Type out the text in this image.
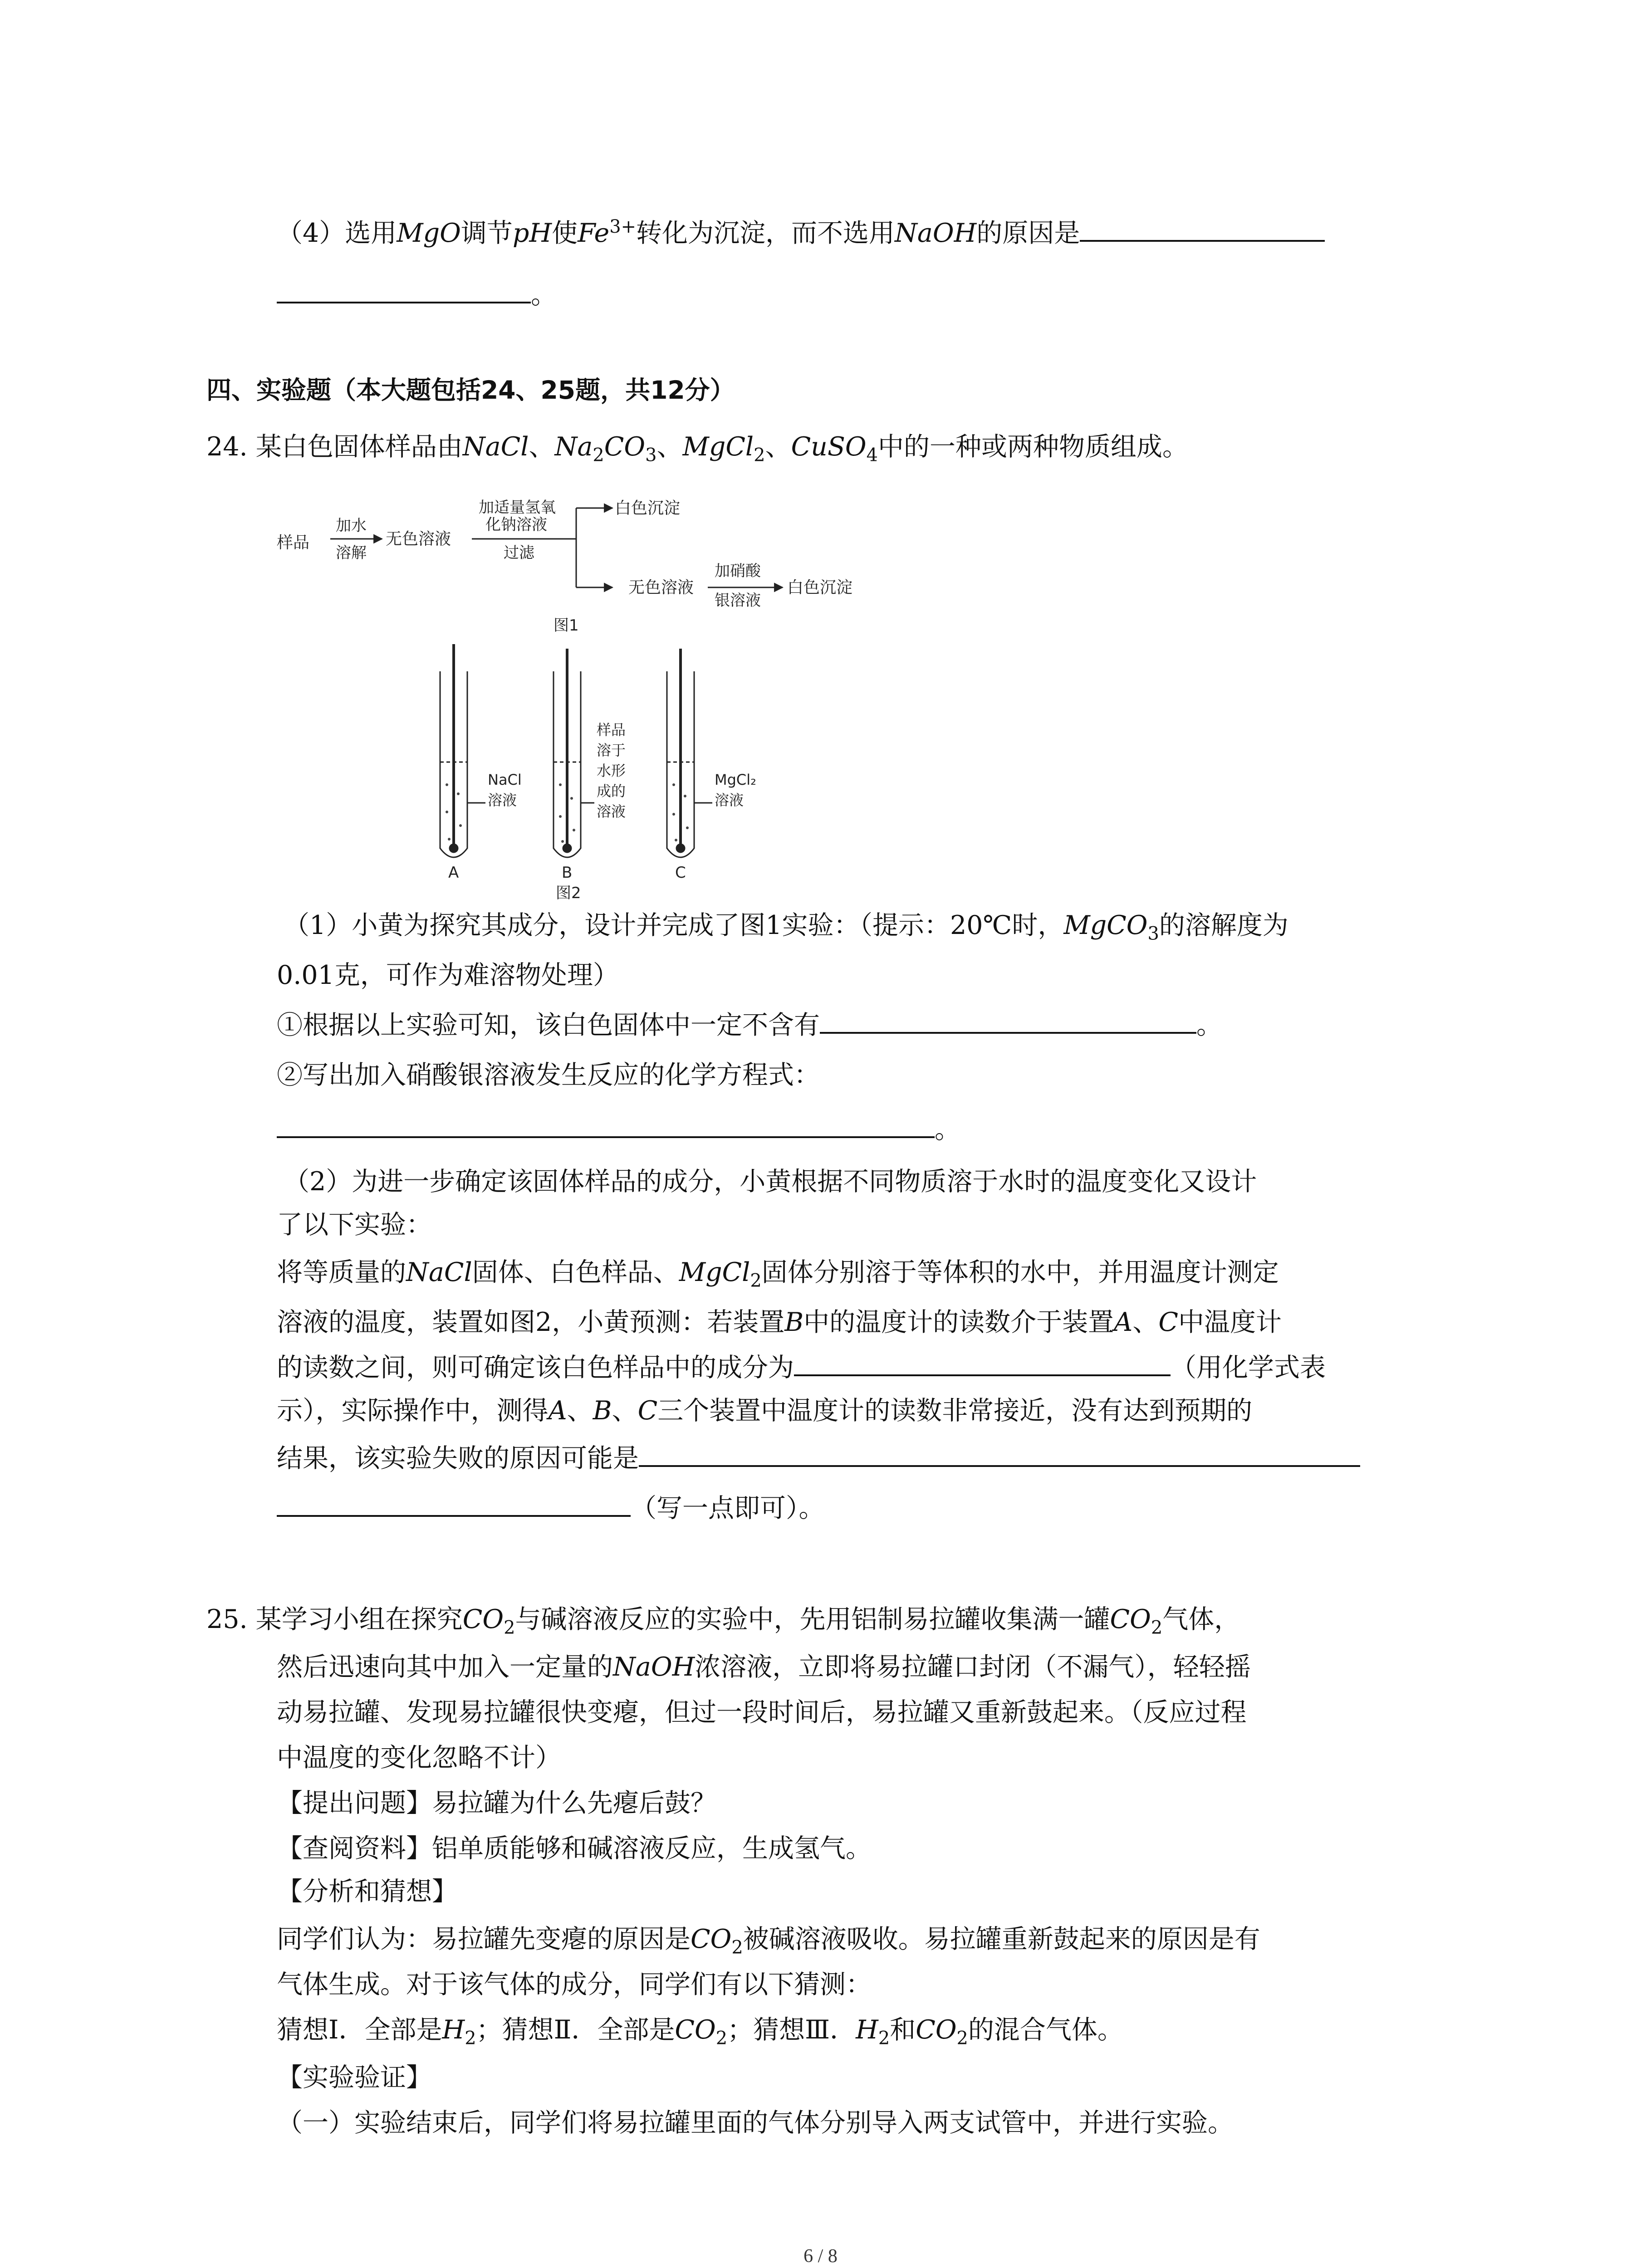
（4）选用MgO调节pH使$Fe^{3+}$转化为沉淀，而不选用NaOH的原因是
。
四、实验题（本大题包括24、25题，共12分）
24. 某白色固体样品由NaCl、$Na_2CO_3$、MgCl$_2$、CuSO$_4$中的一种或两种物质组成。
样品
加水
溶解
无色溶液
加适量氢氧
化钠溶液
过滤
白色沉淀
无色溶液
加硝酸
银溶液
白色沉淀
图1
NaCl
溶液
样品
溶于
水形
成的
溶液
MgCl₂
溶液
A	B	C
图2
（1）小黄为探究其成分，设计并完成了图1实验：（提示：20℃时，MgCO$_3$的溶解度为
0.01克，可作为难溶物处理）
①根据以上实验可知，该白色固体中一定不含有	。
②写出加入硝酸银溶液发生反应的化学方程式：
。
（2）为进一步确定该固体样品的成分，小黄根据不同物质溶于水时的温度变化又设计
了以下实验：
将等质量的NaCl固体、白色样品、MgCl$_2$固体分别溶于等体积的水中，并用温度计测定
溶液的温度，装置如图2，小黄预测：若装置B中的温度计的读数介于装置A、C中温度计
的读数之间，则可确定该白色样品中的成分为	（用化学式表
示），实际操作中，测得A、B、C三个装置中温度计的读数非常接近，没有达到预期的
结果，该实验失败的原因可能是
（写一点即可）。
25. 某学习小组在探究$CO_2$与碱溶液反应的实验中，先用铝制易拉罐收集满一罐$CO_2$气体，
然后迅速向其中加入一定量的NaOH浓溶液，立即将易拉罐口封闭（不漏气），轻轻摇
动易拉罐、发现易拉罐很快变瘪，但过一段时间后，易拉罐又重新鼓起来。（反应过程
中温度的变化忽略不计）
【提出问题】易拉罐为什么先瘪后鼓？
【查阅资料】铝单质能够和碱溶液反应，生成氢气。
【分析和猜想】
同学们认为：易拉罐先变瘪的原因是$CO_2$被碱溶液吸收。易拉罐重新鼓起来的原因是有
气体生成。对于该气体的成分，同学们有以下猜测：
猜想Ⅰ．全部是$H_2$；猜想Ⅱ．全部是$CO_2$；猜想Ⅲ．$H_2$和$CO_2$的混合气体。
【实验验证】
（一）实验结束后，同学们将易拉罐里面的气体分别导入两支试管中，并进行实验。
6 / 8
